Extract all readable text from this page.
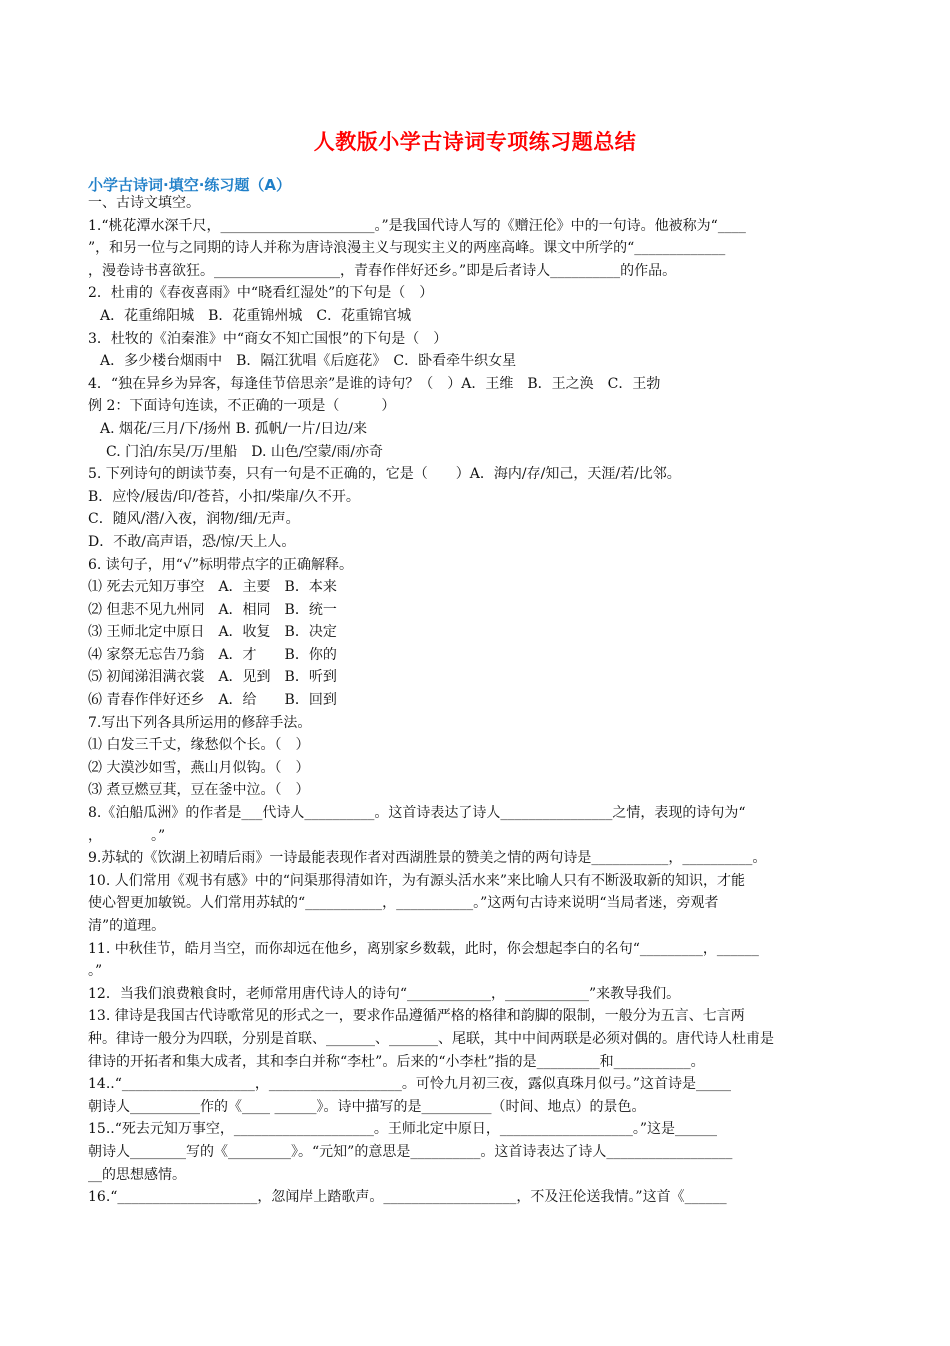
人教版小学古诗词专项练习题总结
小学古诗词·填空·练习题（A）
一、古诗文填空。
1.“桃花潭水深千尺，______________________。”是我国代诗人写的《赠汪伦》中的一句诗。他被称为“____
”，和另一位与之同期的诗人并称为唐诗浪漫主义与现实主义的两座高峰。课文中所学的“_____________
，漫卷诗书喜欲狂。__________________，青春作伴好还乡。”即是后者诗人__________的作品。
2．杜甫的《春夜喜雨》中“晓看红湿处”的下句是（　）
A．花重绵阳城　B．花重锦州城　C．花重锦官城
3．杜牧的《泊秦淮》中“商女不知亡国恨”的下句是（　）
A．多少楼台烟雨中　B．隔江犹唱《后庭花》　C．卧看牵牛织女星
4．“独在异乡为异客，每逢佳节倍思亲”是谁的诗句？（　）A．王维　B．王之涣　C．王勃
例 2：下面诗句连读，不正确的一项是（　　　）
A. 烟花/三月/下/扬州 B. 孤帆/一片/日边/来
C. 门泊/东吴/万/里船　D. 山色/空蒙/雨/亦奇
5. 下列诗句的朗读节奏，只有一句是不正确的，它是（　　）A．海内/存/知己，天涯/若/比邻。
B．应怜/屐齿/印/苍苔，小扣/柴扉/久不开。
C．随风/潜/入夜，润物/细/无声。
D．不敢/高声语，恐/惊/天上人。
6. 读句子，用“√”标明带点字的正确解释。
⑴ 死去元知万事空　A．主要　B．本来
⑵ 但悲不见九州同　A．相同　B．统一
⑶ 王师北定中原日　A．收复　B．决定
⑷ 家祭无忘告乃翁　A．才　　B．你的
⑸ 初闻涕泪满衣裳　A．见到　B．听到
⑹ 青春作伴好还乡　A．给　　B．回到
7.写出下列各具所运用的修辞手法。
⑴ 白发三千丈，缘愁似个长。（　）
⑵ 大漠沙如雪，燕山月似钩。（　）
⑶ 煮豆燃豆萁，豆在釜中泣。（　）
8.《泊船瓜洲》的作者是___代诗人__________。这首诗表达了诗人________________之情，表现的诗句为“
，　　　　。”
9.苏轼的《饮湖上初晴后雨》一诗最能表现作者对西湖胜景的赞美之情的两句诗是___________，__________。
10. 人们常用《观书有感》中的“问渠那得清如许，为有源头活水来”来比喻人只有不断汲取新的知识，才能
使心智更加敏锐。人们常用苏轼的“___________，___________。”这两句古诗来说明“当局者迷，旁观者
清”的道理。
11. 中秋佳节，皓月当空，而你却远在他乡，离别家乡数载，此时，你会想起李白的名句“_________，______
。”
12．当我们浪费粮食时，老师常用唐代诗人的诗句“____________，____________”来教导我们。
13. 律诗是我国古代诗歌常见的形式之一，要求作品遵循严格的格律和韵脚的限制，一般分为五言、七言两
种。律诗一般分为四联，分别是首联、_______、_______、尾联，其中中间两联是必须对偶的。唐代诗人杜甫是
律诗的开拓者和集大成者，其和李白并称“李杜”。后来的“小李杜”指的是_________和___________。
14..“___________________，___________________。可怜九月初三夜，露似真珠月似弓。”这首诗是_____
朝诗人__________作的《____ ______》。诗中描写的是__________（时间、地点）的景色。
15..“死去元知万事空，____________________。王师北定中原日，___________________。”这是______
朝诗人________写的《_________》。“元知”的意思是__________。这首诗表达了诗人__________________
__的思想感情。
16.“____________________，忽闻岸上踏歌声。___________________，不及汪伦送我情。”这首《______
